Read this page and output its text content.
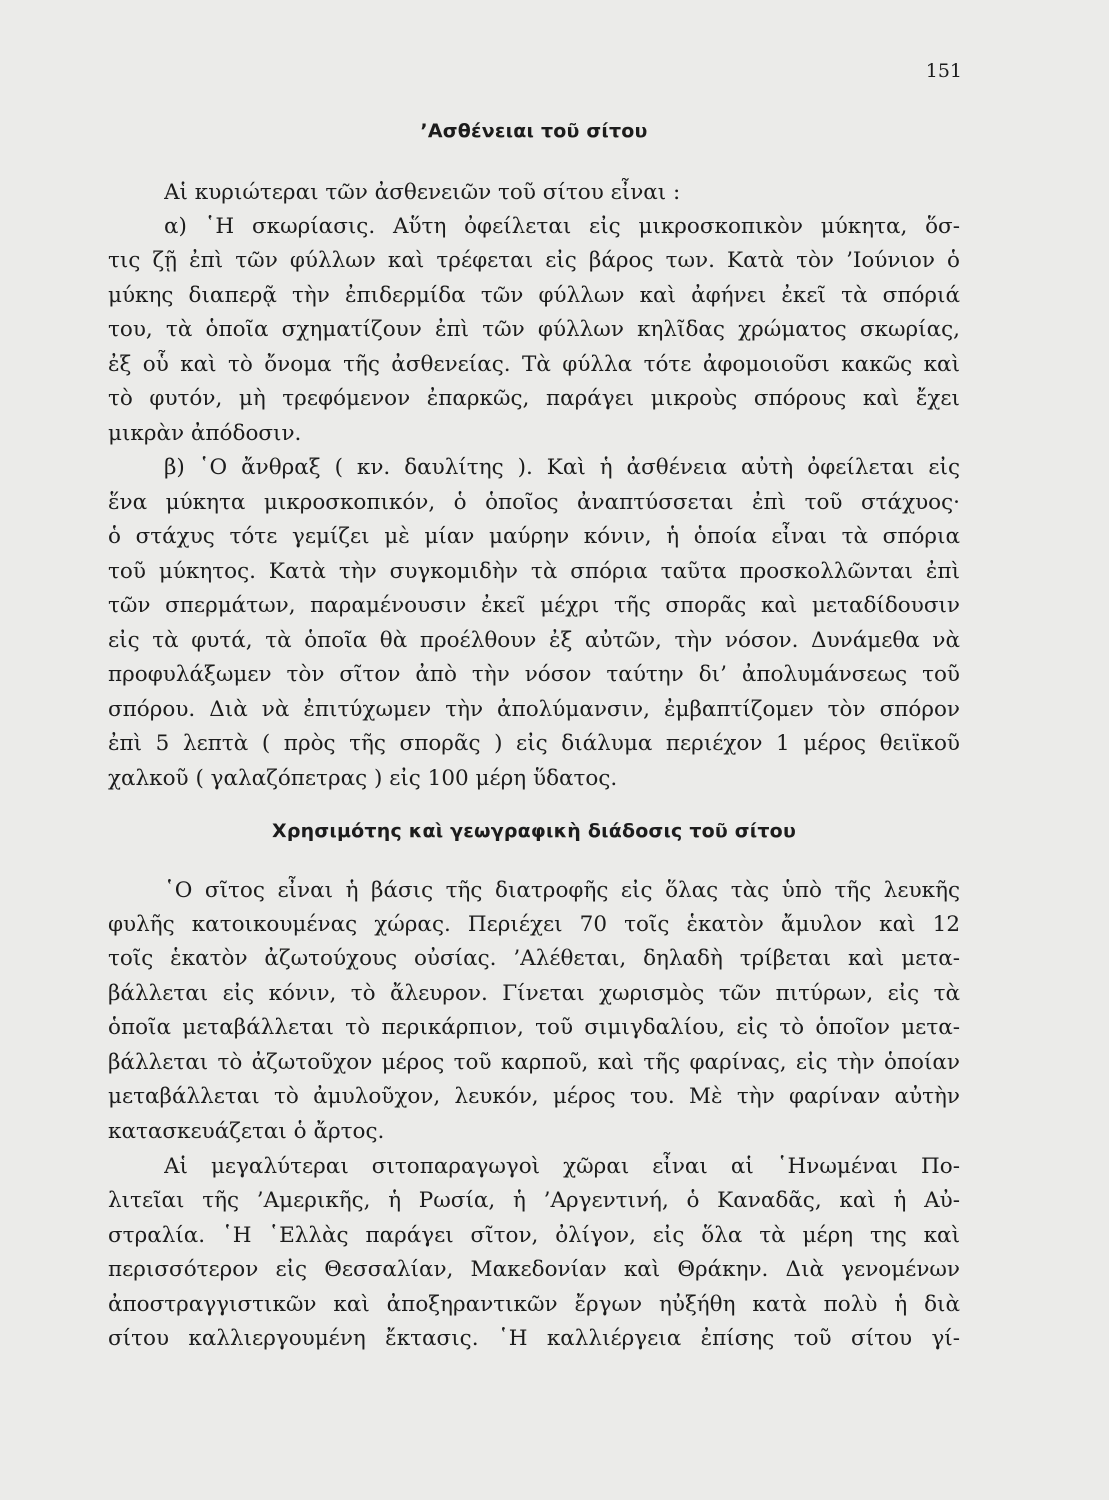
151
’Ασθένειαι τοῦ σίτου
Αἱ κυριώτεραι τῶν ἀσθενειῶν τοῦ σίτου εἶναι :
α) ῾Η σκωρίασις. Αὕτη ὀφείλεται εἰς μικροσκοπικὸν μύκητα, ὅσ-
τις ζῇ ἐπὶ τῶν φύλλων καὶ τρέφεται εἰς βάρος των. Κατὰ τὸν ’Ιούνιον ὁ
μύκης διαπερᾷ τὴν ἐπιδερμίδα τῶν φύλλων καὶ ἀφήνει ἐκεῖ τὰ σπόριά
του, τὰ ὁποῖα σχηματίζουν ἐπὶ τῶν φύλλων κηλῖδας χρώματος σκωρίας,
ἐξ οὗ καὶ τὸ ὄνομα τῆς ἀσθενείας. Τὰ φύλλα τότε ἀφομοιοῦσι κακῶς καὶ
τὸ φυτόν, μὴ τρεφόμενον ἐπαρκῶς, παράγει μικροὺς σπόρους καὶ ἔχει
μικρὰν ἀπόδοσιν.
β) ῾Ο ἄνθραξ ( κν. δαυλίτης ). Καὶ ἡ ἀσθένεια αὐτὴ ὀφείλεται εἰς
ἕνα μύκητα μικροσκοπικόν, ὁ ὁποῖος ἀναπτύσσεται ἐπὶ τοῦ στάχυος·
ὁ στάχυς τότε γεμίζει μὲ μίαν μαύρην κόνιν, ἡ ὁποία εἶναι τὰ σπόρια
τοῦ μύκητος. Κατὰ τὴν συγκομιδὴν τὰ σπόρια ταῦτα προσκολλῶνται ἐπὶ
τῶν σπερμάτων, παραμένουσιν ἐκεῖ μέχρι τῆς σπορᾶς καὶ μεταδίδουσιν
εἰς τὰ φυτά, τὰ ὁποῖα θὰ προέλθουν ἐξ αὐτῶν, τὴν νόσον. Δυνάμεθα νὰ
προφυλάξωμεν τὸν σῖτον ἀπὸ τὴν νόσον ταύτην δι’ ἀπολυμάνσεως τοῦ
σπόρου. Διὰ νὰ ἐπιτύχωμεν τὴν ἀπολύμανσιν, ἐμβαπτίζομεν τὸν σπόρον
ἐπὶ 5 λεπτὰ ( πρὸς τῆς σπορᾶς ) εἰς διάλυμα περιέχον 1 μέρος θειϊκοῦ
χαλκοῦ ( γαλαζόπετρας ) εἰς 100 μέρη ὕδατος.
Χρησιμότης καὶ γεωγραφικὴ διάδοσις τοῦ σίτου
῾Ο σῖτος εἶναι ἡ βάσις τῆς διατροφῆς εἰς ὅλας τὰς ὑπὸ τῆς λευκῆς
φυλῆς κατοικουμένας χώρας. Περιέχει 70 τοῖς ἑκατὸν ἄμυλον καὶ 12
τοῖς ἑκατὸν ἀζωτούχους οὐσίας. ’Αλέθεται, δηλαδὴ τρίβεται καὶ μετα-
βάλλεται εἰς κόνιν, τὸ ἄλευρον. Γίνεται χωρισμὸς τῶν πιτύρων, εἰς τὰ
ὁποῖα μεταβάλλεται τὸ περικάρπιον, τοῦ σιμιγδαλίου, εἰς τὸ ὁποῖον μετα-
βάλλεται τὸ ἀζωτοῦχον μέρος τοῦ καρποῦ, καὶ τῆς φαρίνας, εἰς τὴν ὁποίαν
μεταβάλλεται τὸ ἀμυλοῦχον, λευκόν, μέρος του. Μὲ τὴν φαρίναν αὐτὴν
κατασκευάζεται ὁ ἄρτος.
Αἱ μεγαλύτεραι σιτοπαραγωγοὶ χῶραι εἶναι αἱ ῾Ηνωμέναι Πο-
λιτεῖαι τῆς ’Αμερικῆς, ἡ Ρωσία, ἡ ’Αργεντινή, ὁ Καναδᾶς, καὶ ἡ Αὐ-
στραλία. ῾Η ῾Ελλὰς παράγει σῖτον, ὀλίγον, εἰς ὅλα τὰ μέρη της καὶ
περισσότερον εἰς Θεσσαλίαν, Μακεδονίαν καὶ Θράκην. Διὰ γενομένων
ἀποστραγγιστικῶν καὶ ἀποξηραντικῶν ἔργων ηὐξήθη κατὰ πολὺ ἡ διὰ
σίτου καλλιεργουμένη ἔκτασις. ῾Η καλλιέργεια ἐπίσης τοῦ σίτου γί-
